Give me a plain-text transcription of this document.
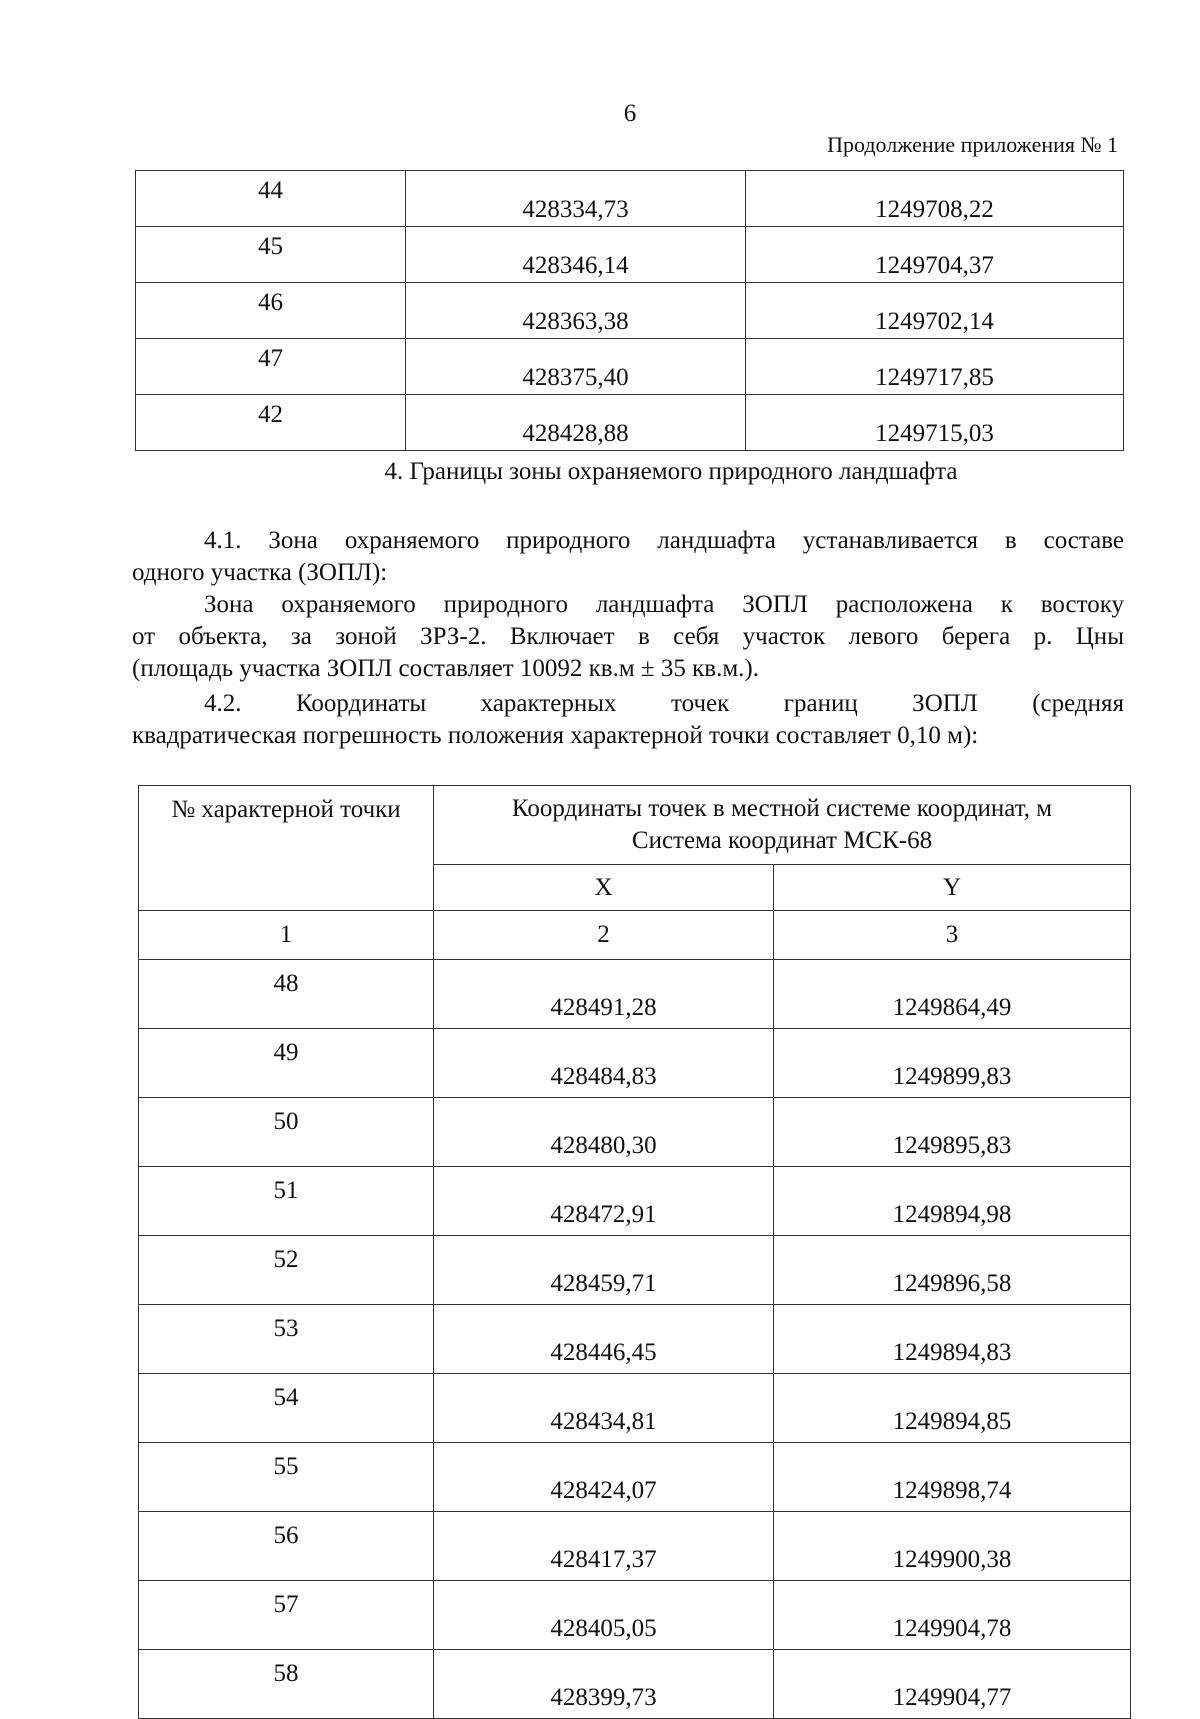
6
Продолжение приложения № 1
44	428334,73	1249708,22
45	428346,14	1249704,37
46	428363,38	1249702,14
47	428375,40	1249717,85
42	428428,88	1249715,03
4. Границы зоны охраняемого природного ландшафта

4.1. Зона охраняемого природного ландшафта устанавливается в составе

одного участка (ЗОПЛ):

Зона охраняемого природного ландшафта ЗОПЛ расположена к востоку

от объекта, за зоной ЗРЗ-2. Включает в себя участок левого берега р. Цны

(площадь участка ЗОПЛ составляет 10092 кв.м ± 35 кв.м.).

4.2. Координаты характерных точек границ ЗОПЛ (средняя

квадратическая погрешность положения характерной точки составляет 0,10 м):

№ характерной точки	Координаты точек в местной системе координат, м
Система координат МСК-68	
	X	Y
1	2	3
48	428491,28	1249864,49
49	428484,83	1249899,83
50	428480,30	1249895,83
51	428472,91	1249894,98
52	428459,71	1249896,58
53	428446,45	1249894,83
54	428434,81	1249894,85
55	428424,07	1249898,74
56	428417,37	1249900,38
57	428405,05	1249904,78
58	428399,73	1249904,77
